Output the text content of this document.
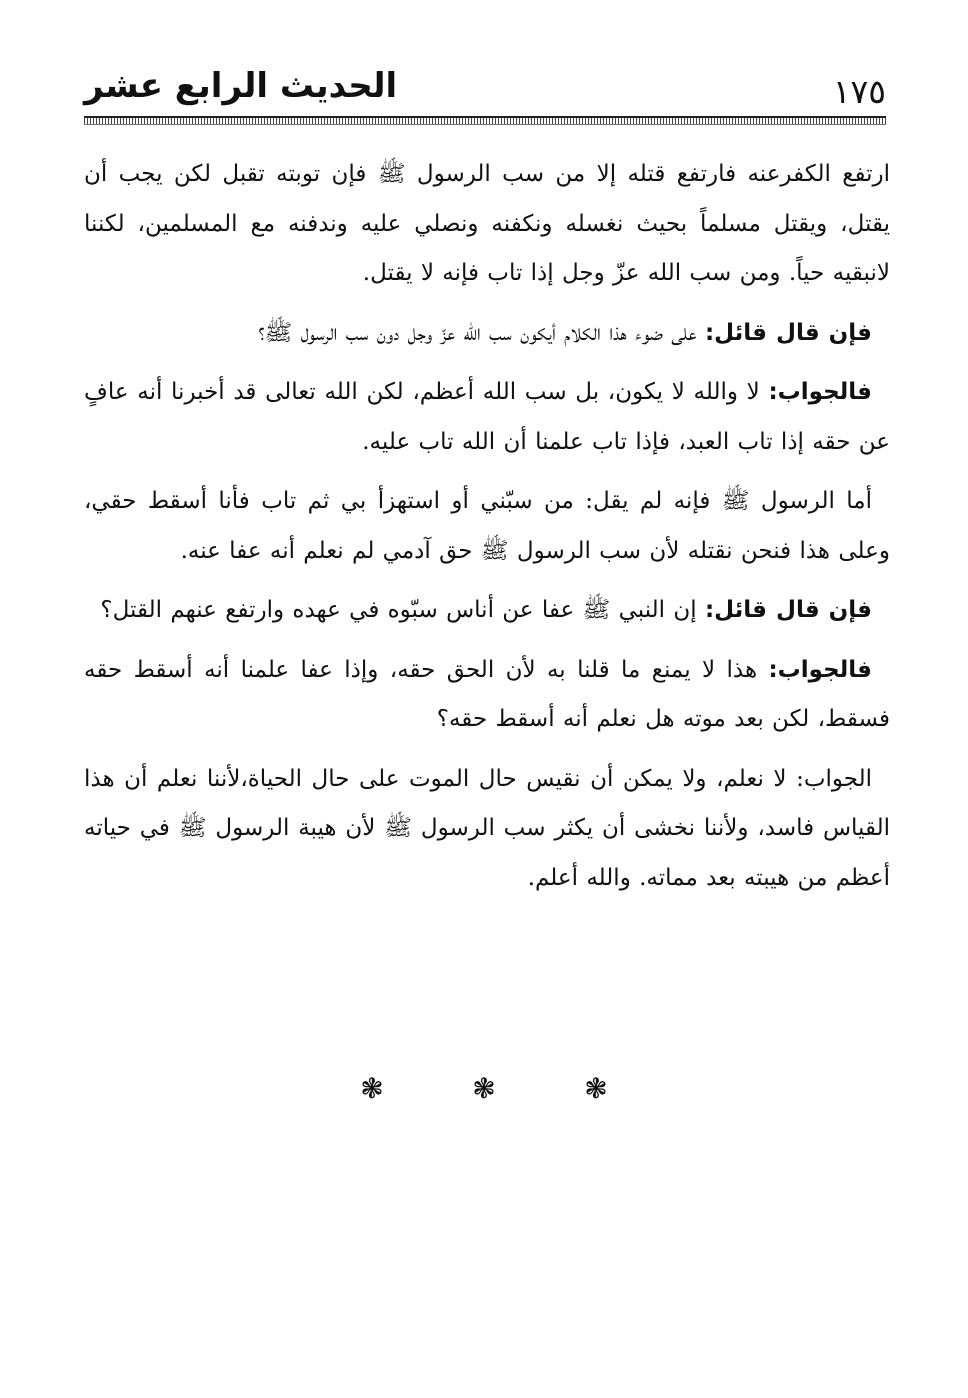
١٧٥
الحديث الرابع عشر

ارتفع الكفرعنه فارتفع قتله إلا من سب الرسول ﷺ فإن توبته تقبل لكن يجب أن يقتل، ويقتل مسلماً بحيث نغسله ونكفنه ونصلي عليه وندفنه مع المسلمين، لكننا لانبقيه حياً. ومن سب الله عزّ وجل إذا تاب فإنه لا يقتل.

فإن قال قائل: على ضوء هذا الكلام أيكون سب الله عزّ وجل دون سب الرسول ﷺ؟

فالجواب: لا والله لا يكون، بل سب الله أعظم، لكن الله تعالى قد أخبرنا أنه عافٍ عن حقه إذا تاب العبد، فإذا تاب علمنا أن الله تاب عليه.

أما الرسول ﷺ فإنه لم يقل: من سبّني أو استهزأ بي ثم تاب فأنا أسقط حقي، وعلى هذا فنحن نقتله لأن سب الرسول ﷺ حق آدمي لم نعلم أنه عفا عنه.

فإن قال قائل: إن النبي ﷺ عفا عن أناس سبّوه في عهده وارتفع عنهم القتل؟

فالجواب: هذا لا يمنع ما قلنا به لأن الحق حقه، وإذا عفا علمنا أنه أسقط حقه فسقط، لكن بعد موته هل نعلم أنه أسقط حقه؟

الجواب: لا نعلم، ولا يمكن أن نقيس حال الموت على حال الحياة،لأننا نعلم أن هذا القياس فاسد، ولأننا نخشى أن يكثر سب الرسول ﷺ لأن هيبة الرسول ﷺ في حياته أعظم من هيبته بعد مماته. والله أعلم.

❃	❃	❃
